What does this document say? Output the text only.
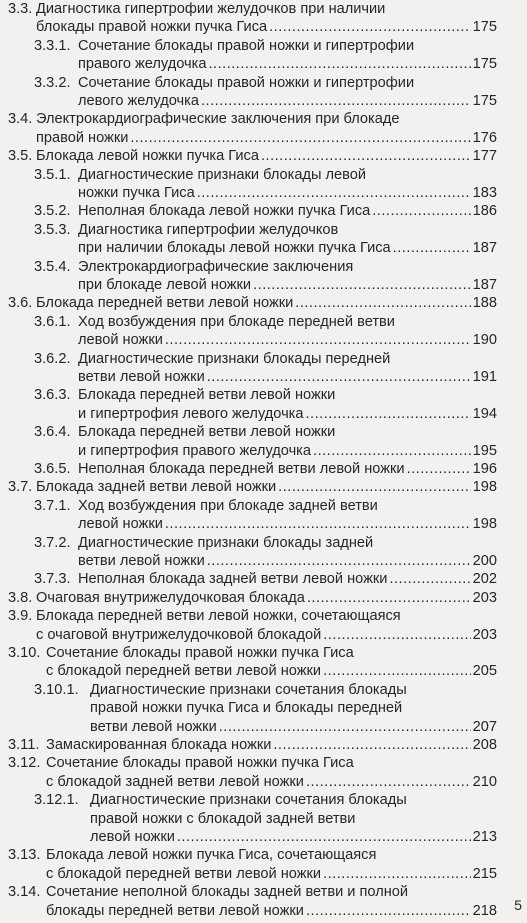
3.3. Диагностика гипертрофии желудочков при наличии
блокады правой ножки пучка Гиса .....	175
3.3.1. Сочетание блокады правой ножки и гипертрофии
правого желудочка .....	175
3.3.2. Сочетание блокады правой ножки и гипертрофии
левого желудочка .....	175
3.4. Электрокардиографические заключения при блокаде
правой ножки .....	176
3.5. Блокада левой ножки пучка Гиса .....	177
3.5.1. Диагностические признаки блокады левой
ножки пучка Гиса .....	183
3.5.2. Неполная блокада левой ножки пучка Гиса .....	186
3.5.3. Диагностика гипертрофии желудочков
при наличии блокады левой ножки пучка Гиса .....	187
3.5.4. Электрокардиографические заключения
при блокаде левой ножки .....	187
3.6. Блокада передней ветви левой ножки .....	188
3.6.1. Ход возбуждения при блокаде передней ветви
левой ножки .....	190
3.6.2. Диагностические признаки блокады передней
ветви левой ножки .....	191
3.6.3. Блокада передней ветви левой ножки
и гипертрофия левого желудочка .....	194
3.6.4. Блокада передней ветви левой ножки
и гипертрофия правого желудочка .....	195
3.6.5. Неполная блокада передней ветви левой ножки .....	196
3.7. Блокада задней ветви левой ножки .....	198
3.7.1. Ход возбуждения при блокаде задней ветви
левой ножки .....	198
3.7.2. Диагностические признаки блокады задней
ветви левой ножки .....	200
3.7.3. Неполная блокада задней ветви левой ножки .....	202
3.8. Очаговая внутрижелудочковая блокада .....	203
3.9. Блокада передней ветви левой ножки, сочетающаяся
с очаговой внутрижелудочковой блокадой .....	203
3.10. Сочетание блокады правой ножки пучка Гиса
с блокадой передней ветви левой ножки .....	205
3.10.1. Диагностические признаки сочетания блокады
правой ножки пучка Гиса и блокады передней
ветви левой ножки .....	207
3.11. Замаскированная блокада ножки .....	208
3.12. Сочетание блокады правой ножки пучка Гиса
с блокадой задней ветви левой ножки .....	210
3.12.1. Диагностические признаки сочетания блокады
правой ножки с блокадой задней ветви
левой ножки .....	213
3.13. Блокада левой ножки пучка Гиса, сочетающаяся
с блокадой передней ветви левой ножки .....	215
3.14. Сочетание неполной блокады задней ветви и полной
блокады передней ветви левой ножки .....	218 5
